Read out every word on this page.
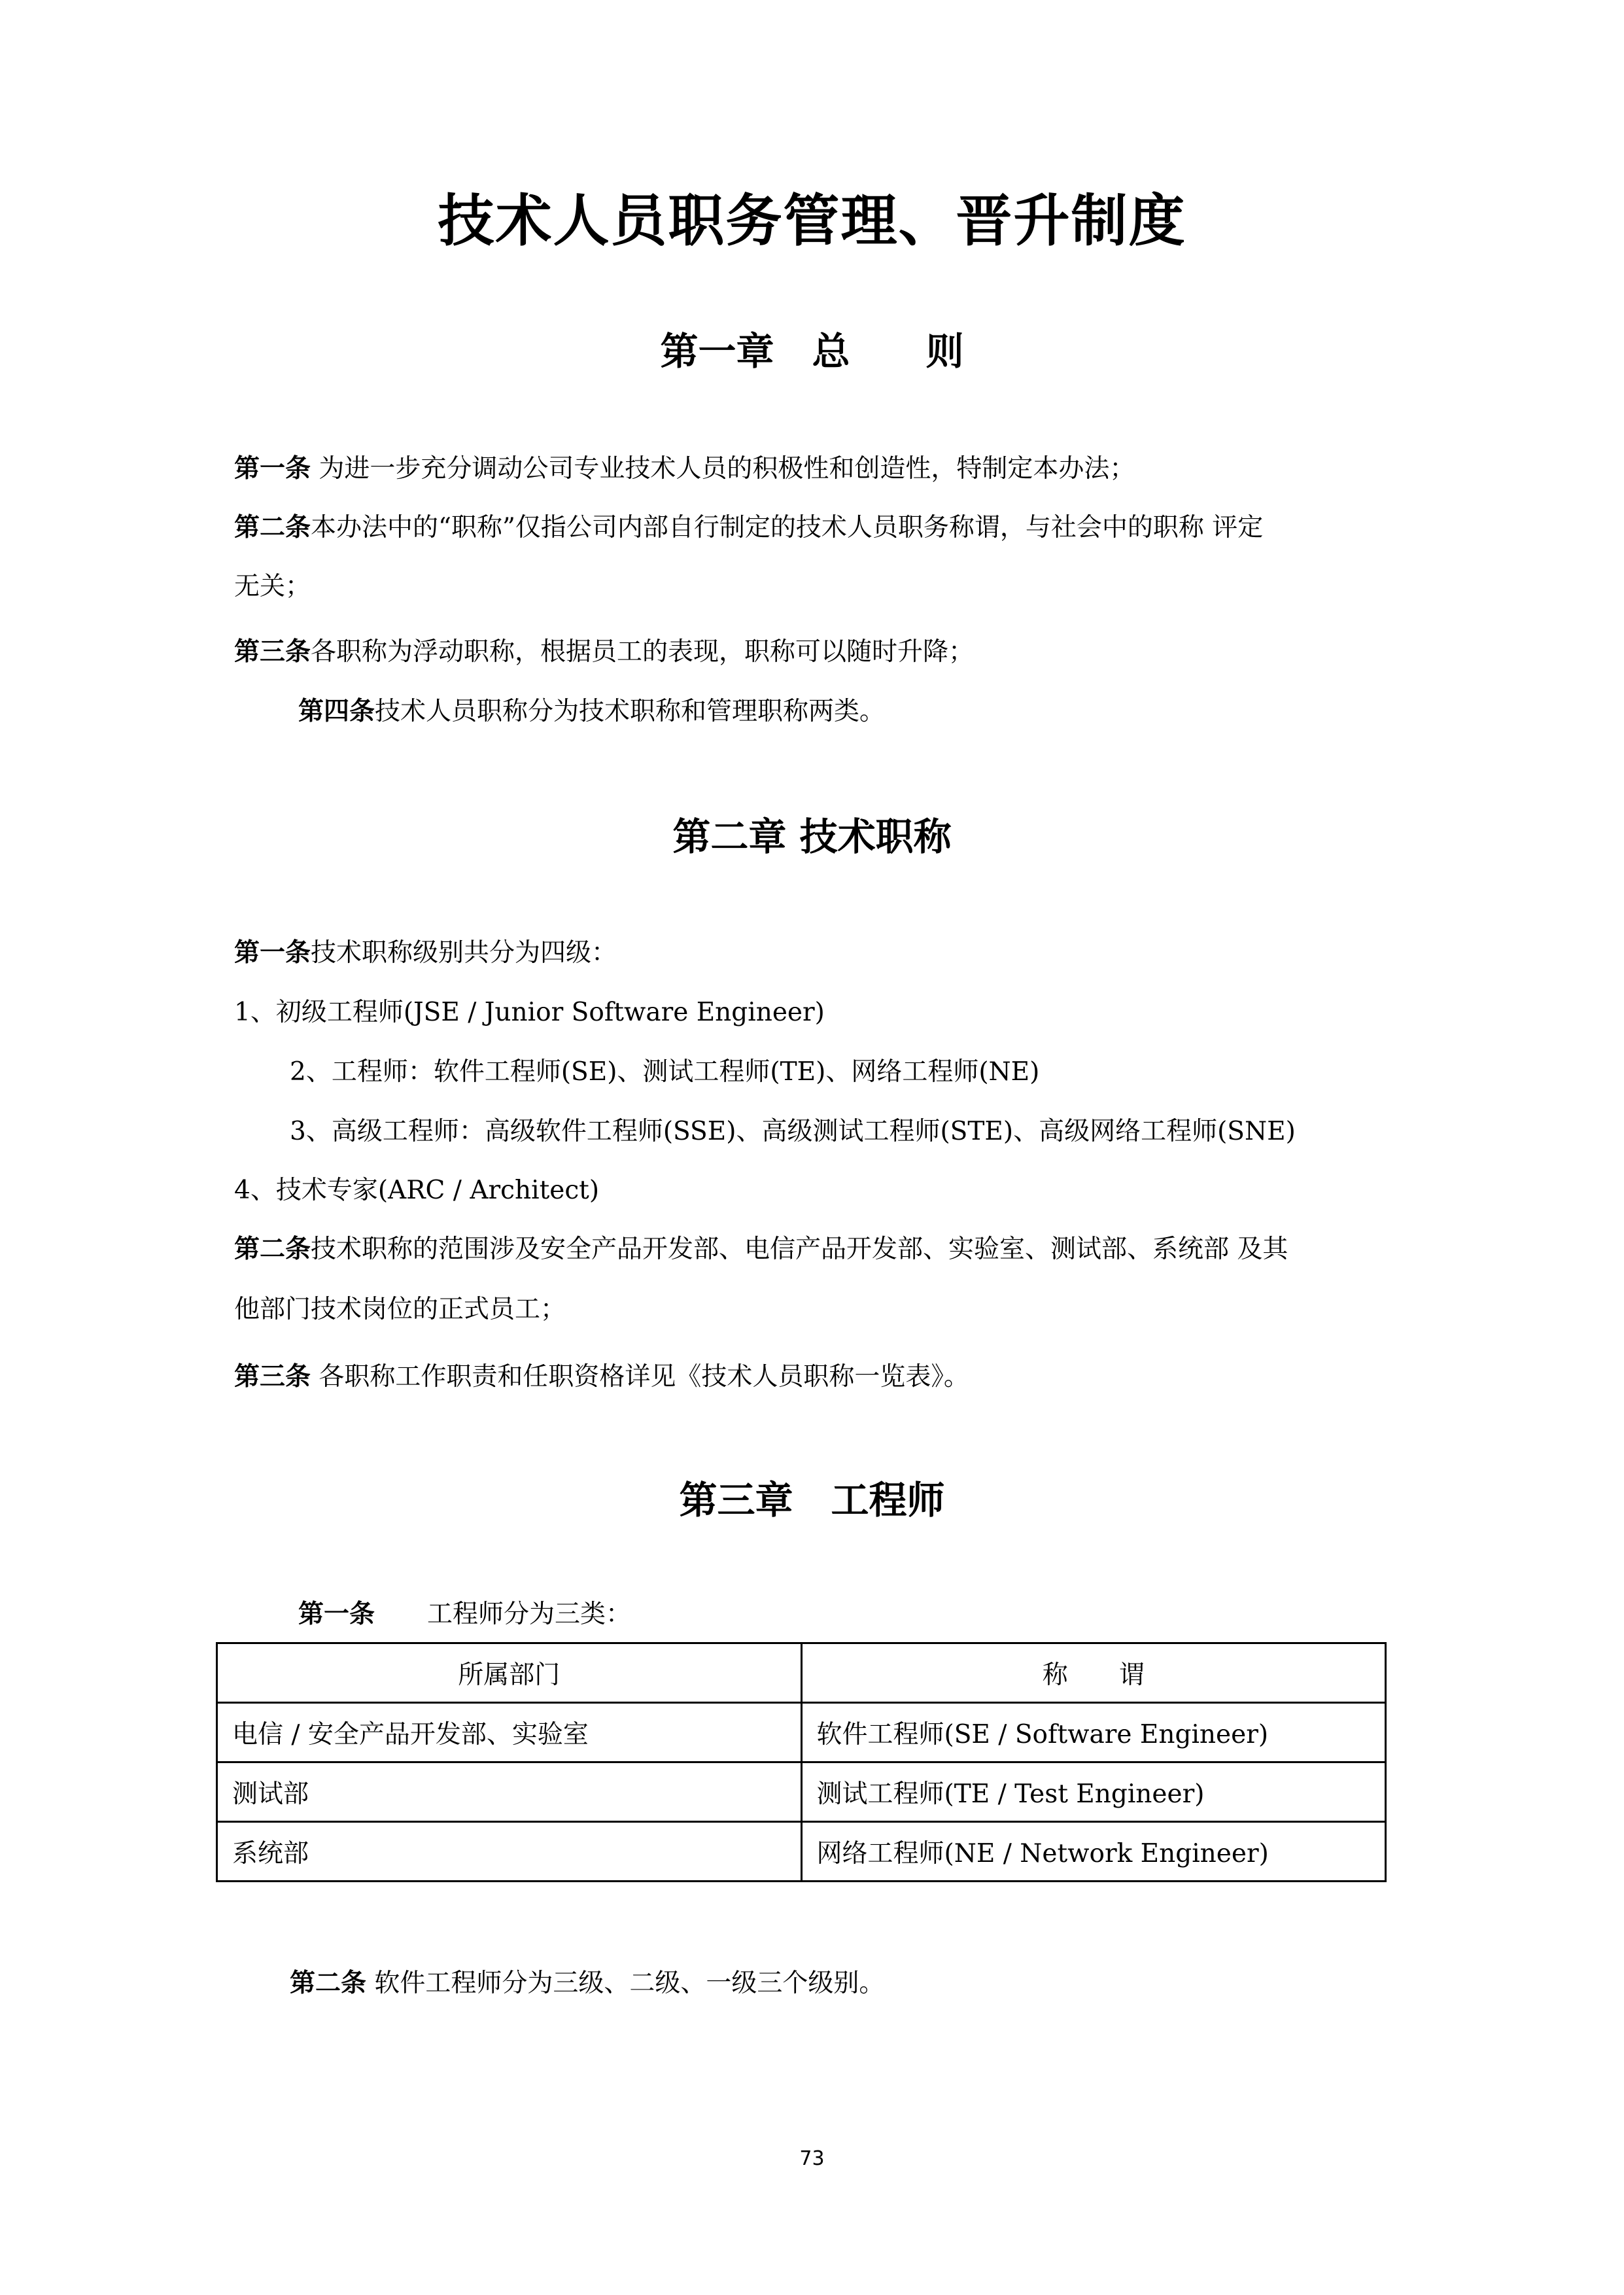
技术人员职务管理、晋升制度
第一章　总　　则
第一条 为进一步充分调动公司专业技术人员的积极性和创造性，特制定本办法；
第二条本办法中的“职称”仅指公司内部自行制定的技术人员职务称谓，与社会中的职称 评定
无关；
第三条各职称为浮动职称，根据员工的表现，职称可以随时升降；
第四条技术人员职称分为技术职称和管理职称两类。
第二章 技术职称
第一条技术职称级别共分为四级：
1、初级工程师(JSE / Junior Software Engineer)
2、工程师：软件工程师(SE)、测试工程师(TE)、网络工程师(NE)
3、高级工程师：高级软件工程师(SSE)、高级测试工程师(STE)、高级网络工程师(SNE)
4、技术专家(ARC / Architect)
第二条技术职称的范围涉及安全产品开发部、电信产品开发部、实验室、测试部、系统部 及其
他部门技术岗位的正式员工；
第三条 各职称工作职责和任职资格详见《技术人员职称一览表》。
第三章　工程师
第一条 工程师分为三类：
所属部门	称　　谓
电信 / 安全产品开发部、实验室	软件工程师(SE / Software Engineer)
测试部	测试工程师(TE / Test Engineer)
系统部	网络工程师(NE / Network Engineer)
第二条 软件工程师分为三级、二级、一级三个级别。
73
